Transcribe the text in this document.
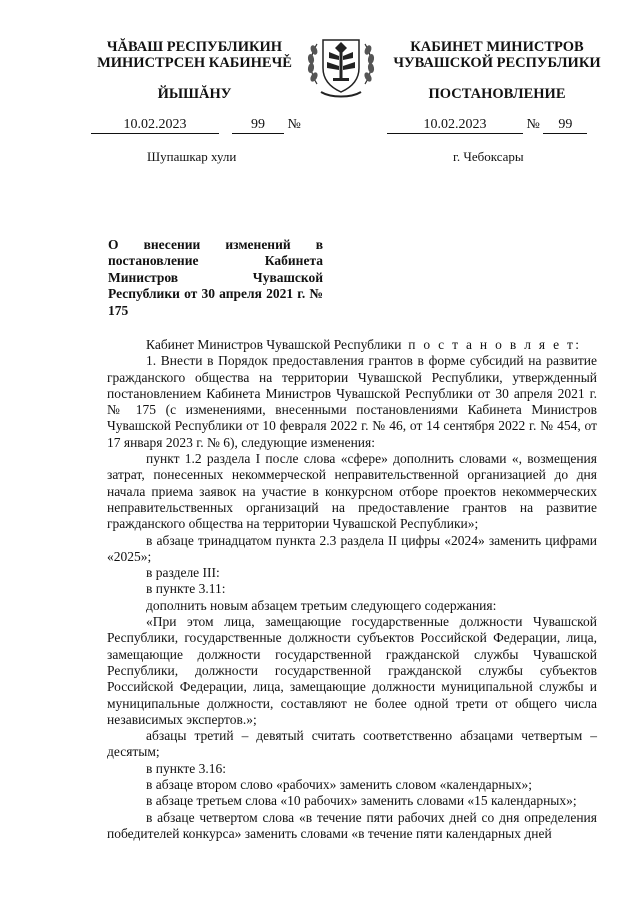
ЧĂВАШ РЕСПУБЛИКИН
МИНИСТРСЕН КАБИНЕЧĚ
ЙЫШĂНУ
КАБИНЕТ МИНИСТРОВ
ЧУВАШСКОЙ РЕСПУБЛИКИ
ПОСТАНОВЛЕНИЕ
10.02.2023	99 №	10.02.2023	№ 99
Шупашкар хули	г. Чебоксары
О внесении изменений в постановление Кабинета Министров Чувашской Республики от 30 апреля 2021 г. № 175

Кабинет Министров Чувашской Республики п о с т а н о в л я е т:

1. Внести в Порядок предоставления грантов в форме субсидий на развитие гражданского общества на территории Чувашской Республики, утвержденный постановлением Кабинета Министров Чувашской Республики от 30 апреля 2021 г. № 175 (с изменениями, внесенными постановлениями Кабинета Министров Чувашской Республики от 10 февраля 2022 г. № 46, от 14 сентября 2022 г. № 454, от 17 января 2023 г. № 6), следующие изменения:

пункт 1.2 раздела I после слова «сфере» дополнить словами «, возмещения затрат, понесенных некоммерческой неправительственной организацией до дня начала приема заявок на участие в конкурсном отборе проектов некоммерческих неправительственных организаций на предоставление грантов на развитие гражданского общества на территории Чувашской Республики»;

в абзаце тринадцатом пункта 2.3 раздела II цифры «2024» заменить цифрами «2025»;

в разделе III:

в пункте 3.11:

дополнить новым абзацем третьим следующего содержания:

«При этом лица, замещающие государственные должности Чувашской Республики, государственные должности субъектов Российской Федерации, лица, замещающие должности государственной гражданской службы Чувашской Республики, должности государственной гражданской службы субъектов Российской Федерации, лица, замещающие должности муниципальной службы и муниципальные должности, составляют не более одной трети от общего числа независимых экспертов.»;

абзацы третий – девятый считать соответственно абзацами четвертым – десятым;

в пункте 3.16:

в абзаце втором слово «рабочих» заменить словом «календарных»;

в абзаце третьем слова «10 рабочих» заменить словами «15 календарных»;

в абзаце четвертом слова «в течение пяти рабочих дней со дня определения победителей конкурса» заменить словами «в течение пяти календарных дней
